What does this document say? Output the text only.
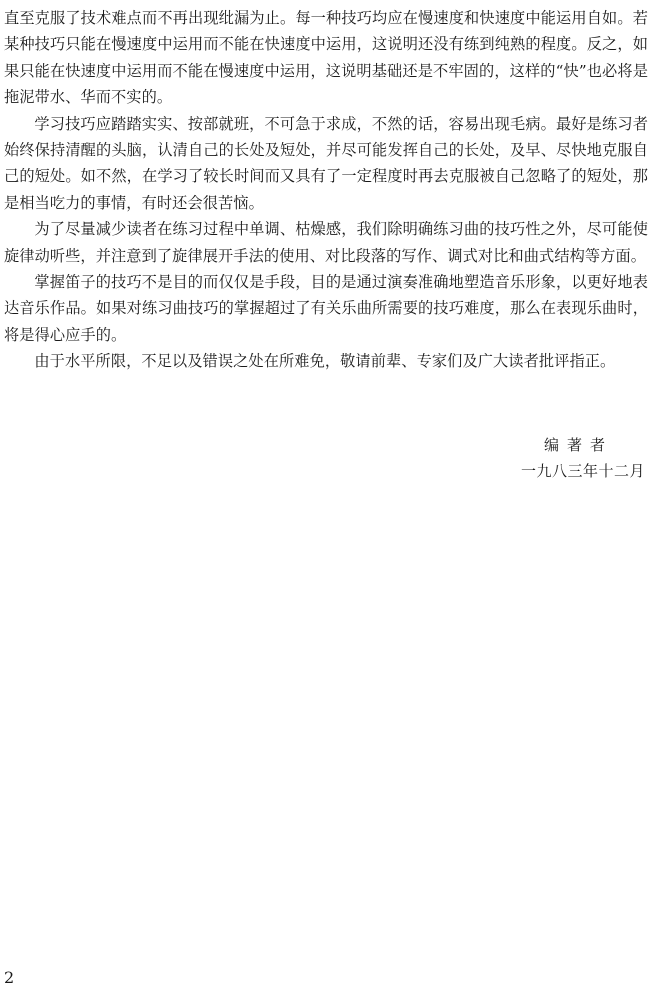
直至克服了技术难点而不再出现纰漏为止。每一种技巧均应在慢速度和快速度中能运用自如。若某种技巧只能在慢速度中运用而不能在快速度中运用，这说明还没有练到纯熟的程度。反之，如果只能在快速度中运用而不能在慢速度中运用，这说明基础还是不牢固的，这样的“快”也必将是拖泥带水、华而不实的。

学习技巧应踏踏实实、按部就班，不可急于求成，不然的话，容易出现毛病。最好是练习者始终保持清醒的头脑，认清自己的长处及短处，并尽可能发挥自己的长处，及早、尽快地克服自己的短处。如不然，在学习了较长时间而又具有了一定程度时再去克服被自己忽略了的短处，那是相当吃力的事情，有时还会很苦恼。

为了尽量减少读者在练习过程中单调、枯燥感，我们除明确练习曲的技巧性之外，尽可能使旋律动听些，并注意到了旋律展开手法的使用、对比段落的写作、调式对比和曲式结构等方面。

掌握笛子的技巧不是目的而仅仅是手段，目的是通过演奏准确地塑造音乐形象，以更好地表达音乐作品。如果对练习曲技巧的掌握超过了有关乐曲所需要的技巧难度，那么在表现乐曲时，将是得心应手的。

由于水平所限，不足以及错误之处在所难免，敬请前辈、专家们及广大读者批评指正。

编著者
一九八三年十二月
2
